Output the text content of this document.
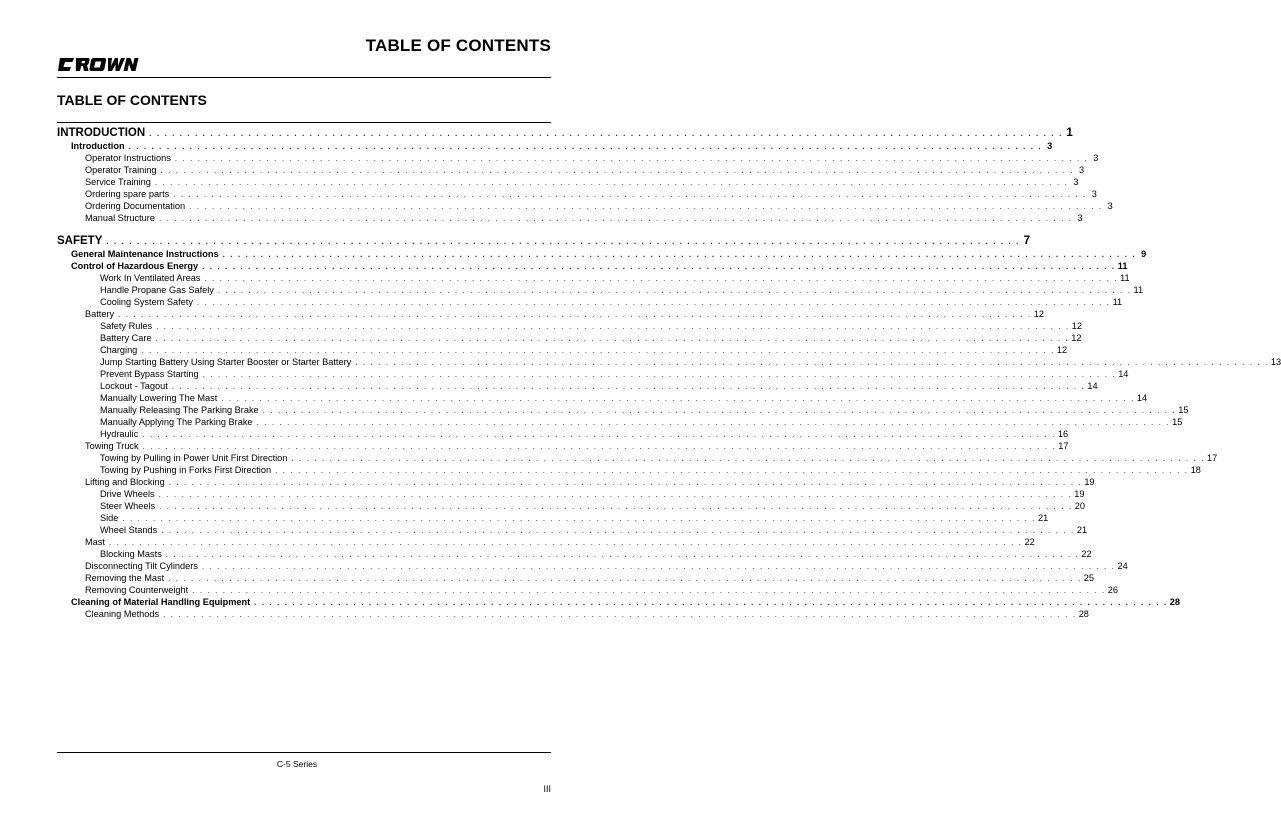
TABLE OF CONTENTS
TABLE OF CONTENTS
INTRODUCTION . . . . . . . . . . . . . . . . . . . . . . . . . . . . . . . . . . . . . . . . . . . . . . . . . . . . . . . . . . . . . . . . . . . . . . . . . . . . . . . . . . . . . . . . . . . . . . . . . . . . . . . . . . . . . . . . . . . . . . . . 1
Introduction . . . . . . . . . . . . . . . . . . . . . . . . . . . . . . . . . . . . . . . . . . . . . . . . . . . . . . . . . . . . . . . . . . . . . . . . . . . . . . . . . . . . . . . . . . . . . . . . . . . . . . . . . . . . . . . . . . . . . . . . 3
Operator Instructions . . . . . . . . . . . . . . . . . . . . . . . . . . . . . . . . . . . . . . . . . . . . . . . . . . . . . . . . . . . . . . . . . . . . . . . . . . . . . . . . . . . . . . . . . . . . . . . . . . . . . . . . . . . . . . . . . . . . . . . . 3
Operator Training . . . . . . . . . . . . . . . . . . . . . . . . . . . . . . . . . . . . . . . . . . . . . . . . . . . . . . . . . . . . . . . . . . . . . . . . . . . . . . . . . . . . . . . . . . . . . . . . . . . . . . . . . . . . . . . . . . . . . . . . 3
Service Training . . . . . . . . . . . . . . . . . . . . . . . . . . . . . . . . . . . . . . . . . . . . . . . . . . . . . . . . . . . . . . . . . . . . . . . . . . . . . . . . . . . . . . . . . . . . . . . . . . . . . . . . . . . . . . . . . . . . . . . . 3
Ordering spare parts . . . . . . . . . . . . . . . . . . . . . . . . . . . . . . . . . . . . . . . . . . . . . . . . . . . . . . . . . . . . . . . . . . . . . . . . . . . . . . . . . . . . . . . . . . . . . . . . . . . . . . . . . . . . . . . . . . . . . . . . 3
Ordering Documentation . . . . . . . . . . . . . . . . . . . . . . . . . . . . . . . . . . . . . . . . . . . . . . . . . . . . . . . . . . . . . . . . . . . . . . . . . . . . . . . . . . . . . . . . . . . . . . . . . . . . . . . . . . . . . . . . . . . . . . . . 3
Manual Structure . . . . . . . . . . . . . . . . . . . . . . . . . . . . . . . . . . . . . . . . . . . . . . . . . . . . . . . . . . . . . . . . . . . . . . . . . . . . . . . . . . . . . . . . . . . . . . . . . . . . . . . . . . . . . . . . . . . . . . . . 3
SAFETY . . . . . . . . . . . . . . . . . . . . . . . . . . . . . . . . . . . . . . . . . . . . . . . . . . . . . . . . . . . . . . . . . . . . . . . . . . . . . . . . . . . . . . . . . . . . . . . . . . . . . . . . . . . . . . . . . . . . . . . . 7
General Maintenance Instructions . . . . . . . . . . . . . . . . . . . . . . . . . . . . . . . . . . . . . . . . . . . . . . . . . . . . . . . . . . . . . . . . . . . . . . . . . . . . . . . . . . . . . . . . . . . . . . . . . . . . . . . . . . . . . . . . . . . . . . . . 9
Control of Hazardous Energy . . . . . . . . . . . . . . . . . . . . . . . . . . . . . . . . . . . . . . . . . . . . . . . . . . . . . . . . . . . . . . . . . . . . . . . . . . . . . . . . . . . . . . . . . . . . . . . . . . . . . . . . . . . . . . . . . . . . . . . . 11
Work In Ventilated Areas . . . . . . . . . . . . . . . . . . . . . . . . . . . . . . . . . . . . . . . . . . . . . . . . . . . . . . . . . . . . . . . . . . . . . . . . . . . . . . . . . . . . . . . . . . . . . . . . . . . . . . . . . . . . . . . . . . . . . . . . 11
Handle Propane Gas Safely . . . . . . . . . . . . . . . . . . . . . . . . . . . . . . . . . . . . . . . . . . . . . . . . . . . . . . . . . . . . . . . . . . . . . . . . . . . . . . . . . . . . . . . . . . . . . . . . . . . . . . . . . . . . . . . . . . . . . . . . 11
Cooling System Safety . . . . . . . . . . . . . . . . . . . . . . . . . . . . . . . . . . . . . . . . . . . . . . . . . . . . . . . . . . . . . . . . . . . . . . . . . . . . . . . . . . . . . . . . . . . . . . . . . . . . . . . . . . . . . . . . . . . . . . . . 11
Battery . . . . . . . . . . . . . . . . . . . . . . . . . . . . . . . . . . . . . . . . . . . . . . . . . . . . . . . . . . . . . . . . . . . . . . . . . . . . . . . . . . . . . . . . . . . . . . . . . . . . . . . . . . . . . . . . . . . . . . . . 12
Safety Rules . . . . . . . . . . . . . . . . . . . . . . . . . . . . . . . . . . . . . . . . . . . . . . . . . . . . . . . . . . . . . . . . . . . . . . . . . . . . . . . . . . . . . . . . . . . . . . . . . . . . . . . . . . . . . . . . . . . . . . . . 12
Battery Care . . . . . . . . . . . . . . . . . . . . . . . . . . . . . . . . . . . . . . . . . . . . . . . . . . . . . . . . . . . . . . . . . . . . . . . . . . . . . . . . . . . . . . . . . . . . . . . . . . . . . . . . . . . . . . . . . . . . . . . . 12
Charging . . . . . . . . . . . . . . . . . . . . . . . . . . . . . . . . . . . . . . . . . . . . . . . . . . . . . . . . . . . . . . . . . . . . . . . . . . . . . . . . . . . . . . . . . . . . . . . . . . . . . . . . . . . . . . . . . . . . . . . . 12
Jump Starting Battery Using Starter Booster or Starter Battery . . . . . . . . . . . . . . . . . . . . . . . . . . . . . . . . . . . . . . . . . . . . . . . . . . . . . . . . . . . . . . . . . . . . . . . . . . . . . . . . . . . . . . . . . . . . . . . . . . . . . . . . . . . . . . . . . . . . . . . . 13
Prevent Bypass Starting . . . . . . . . . . . . . . . . . . . . . . . . . . . . . . . . . . . . . . . . . . . . . . . . . . . . . . . . . . . . . . . . . . . . . . . . . . . . . . . . . . . . . . . . . . . . . . . . . . . . . . . . . . . . . . . . . . . . . . . . 14
Lockout - Tagout . . . . . . . . . . . . . . . . . . . . . . . . . . . . . . . . . . . . . . . . . . . . . . . . . . . . . . . . . . . . . . . . . . . . . . . . . . . . . . . . . . . . . . . . . . . . . . . . . . . . . . . . . . . . . . . . . . . . . . . . 14
Manually Lowering The Mast . . . . . . . . . . . . . . . . . . . . . . . . . . . . . . . . . . . . . . . . . . . . . . . . . . . . . . . . . . . . . . . . . . . . . . . . . . . . . . . . . . . . . . . . . . . . . . . . . . . . . . . . . . . . . . . . . . . . . . . . 14
Manually Releasing The Parking Brake . . . . . . . . . . . . . . . . . . . . . . . . . . . . . . . . . . . . . . . . . . . . . . . . . . . . . . . . . . . . . . . . . . . . . . . . . . . . . . . . . . . . . . . . . . . . . . . . . . . . . . . . . . . . . . . . . . . . . . . . 15
Manually Applying The Parking Brake . . . . . . . . . . . . . . . . . . . . . . . . . . . . . . . . . . . . . . . . . . . . . . . . . . . . . . . . . . . . . . . . . . . . . . . . . . . . . . . . . . . . . . . . . . . . . . . . . . . . . . . . . . . . . . . . . . . . . . . . 15
Hydraulic . . . . . . . . . . . . . . . . . . . . . . . . . . . . . . . . . . . . . . . . . . . . . . . . . . . . . . . . . . . . . . . . . . . . . . . . . . . . . . . . . . . . . . . . . . . . . . . . . . . . . . . . . . . . . . . . . . . . . . . . 16
Towing Truck . . . . . . . . . . . . . . . . . . . . . . . . . . . . . . . . . . . . . . . . . . . . . . . . . . . . . . . . . . . . . . . . . . . . . . . . . . . . . . . . . . . . . . . . . . . . . . . . . . . . . . . . . . . . . . . . . . . . . . . . 17
Towing by Pulling in Power Unit First Direction . . . . . . . . . . . . . . . . . . . . . . . . . . . . . . . . . . . . . . . . . . . . . . . . . . . . . . . . . . . . . . . . . . . . . . . . . . . . . . . . . . . . . . . . . . . . . . . . . . . . . . . . . . . . . . . . . . . . . . . . 17
Towing by Pushing in Forks First Direction . . . . . . . . . . . . . . . . . . . . . . . . . . . . . . . . . . . . . . . . . . . . . . . . . . . . . . . . . . . . . . . . . . . . . . . . . . . . . . . . . . . . . . . . . . . . . . . . . . . . . . . . . . . . . . . . . . . . . . . . 18
Lifting and Blocking . . . . . . . . . . . . . . . . . . . . . . . . . . . . . . . . . . . . . . . . . . . . . . . . . . . . . . . . . . . . . . . . . . . . . . . . . . . . . . . . . . . . . . . . . . . . . . . . . . . . . . . . . . . . . . . . . . . . . . . . 19
Drive Wheels . . . . . . . . . . . . . . . . . . . . . . . . . . . . . . . . . . . . . . . . . . . . . . . . . . . . . . . . . . . . . . . . . . . . . . . . . . . . . . . . . . . . . . . . . . . . . . . . . . . . . . . . . . . . . . . . . . . . . . . . 19
Steer Wheels . . . . . . . . . . . . . . . . . . . . . . . . . . . . . . . . . . . . . . . . . . . . . . . . . . . . . . . . . . . . . . . . . . . . . . . . . . . . . . . . . . . . . . . . . . . . . . . . . . . . . . . . . . . . . . . . . . . . . . . . 20
Side . . . . . . . . . . . . . . . . . . . . . . . . . . . . . . . . . . . . . . . . . . . . . . . . . . . . . . . . . . . . . . . . . . . . . . . . . . . . . . . . . . . . . . . . . . . . . . . . . . . . . . . . . . . . . . . . . . . . . . . . 21
Wheel Stands . . . . . . . . . . . . . . . . . . . . . . . . . . . . . . . . . . . . . . . . . . . . . . . . . . . . . . . . . . . . . . . . . . . . . . . . . . . . . . . . . . . . . . . . . . . . . . . . . . . . . . . . . . . . . . . . . . . . . . . . 21
Mast . . . . . . . . . . . . . . . . . . . . . . . . . . . . . . . . . . . . . . . . . . . . . . . . . . . . . . . . . . . . . . . . . . . . . . . . . . . . . . . . . . . . . . . . . . . . . . . . . . . . . . . . . . . . . . . . . . . . . . . . 22
Blocking Masts . . . . . . . . . . . . . . . . . . . . . . . . . . . . . . . . . . . . . . . . . . . . . . . . . . . . . . . . . . . . . . . . . . . . . . . . . . . . . . . . . . . . . . . . . . . . . . . . . . . . . . . . . . . . . . . . . . . . . . . . 22
Disconnecting Tilt Cylinders . . . . . . . . . . . . . . . . . . . . . . . . . . . . . . . . . . . . . . . . . . . . . . . . . . . . . . . . . . . . . . . . . . . . . . . . . . . . . . . . . . . . . . . . . . . . . . . . . . . . . . . . . . . . . . . . . . . . . . . . 24
Removing the Mast . . . . . . . . . . . . . . . . . . . . . . . . . . . . . . . . . . . . . . . . . . . . . . . . . . . . . . . . . . . . . . . . . . . . . . . . . . . . . . . . . . . . . . . . . . . . . . . . . . . . . . . . . . . . . . . . . . . . . . . . 25
Removing Counterweight . . . . . . . . . . . . . . . . . . . . . . . . . . . . . . . . . . . . . . . . . . . . . . . . . . . . . . . . . . . . . . . . . . . . . . . . . . . . . . . . . . . . . . . . . . . . . . . . . . . . . . . . . . . . . . . . . . . . . . . . 26
Cleaning of Material Handling Equipment . . . . . . . . . . . . . . . . . . . . . . . . . . . . . . . . . . . . . . . . . . . . . . . . . . . . . . . . . . . . . . . . . . . . . . . . . . . . . . . . . . . . . . . . . . . . . . . . . . . . . . . . . . . . . . . . . . . . . . . . 28
Cleaning Methods . . . . . . . . . . . . . . . . . . . . . . . . . . . . . . . . . . . . . . . . . . . . . . . . . . . . . . . . . . . . . . . . . . . . . . . . . . . . . . . . . . . . . . . . . . . . . . . . . . . . . . . . . . . . . . . . . . . . . . . . 28
C-5 Series
III
